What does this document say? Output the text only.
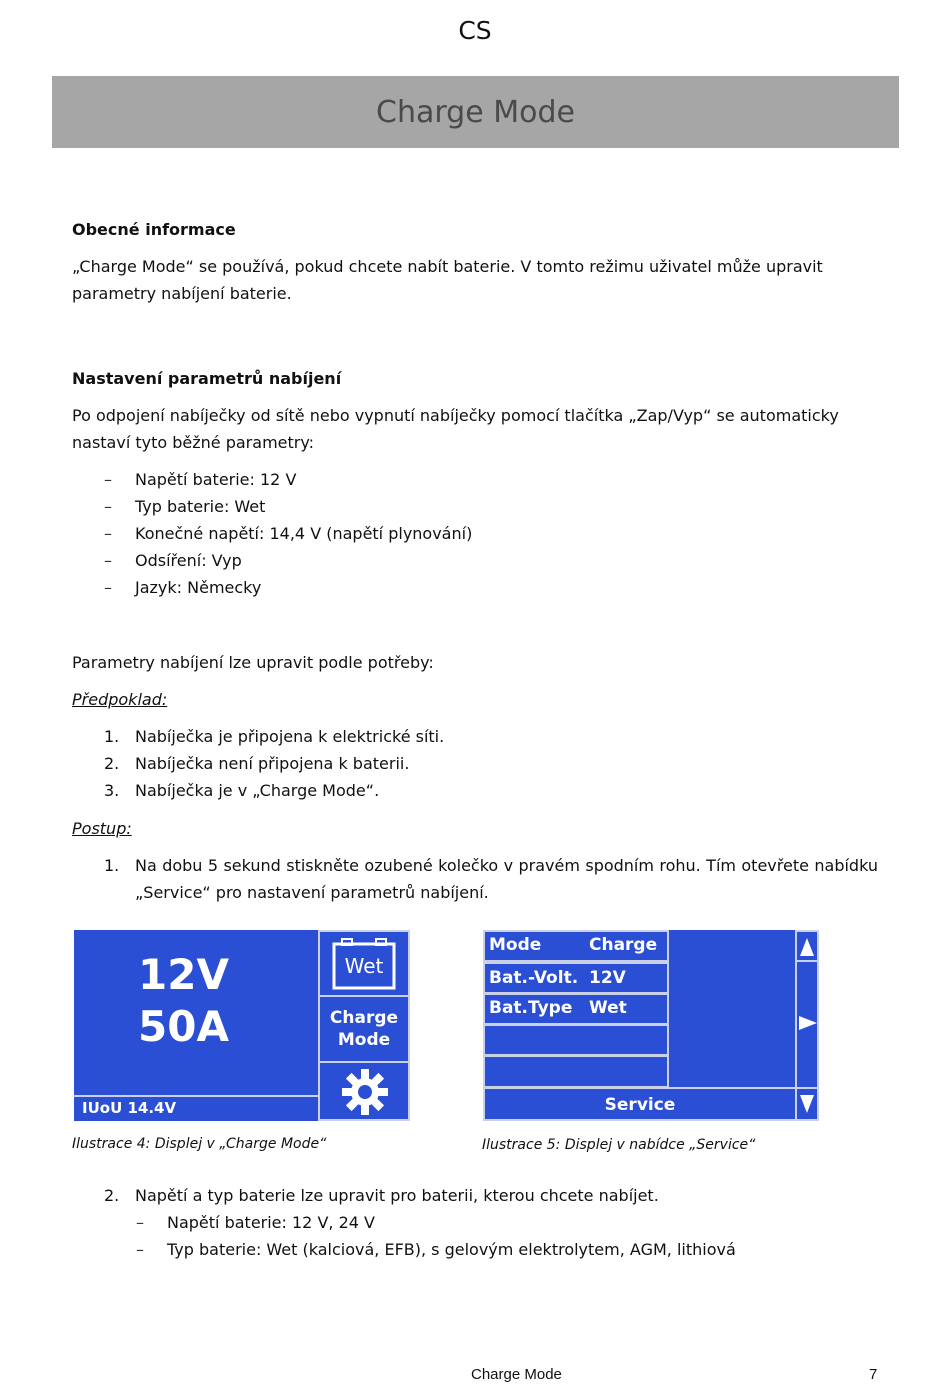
CS
Charge Mode
Obecné informace
„Charge Mode“ se používá, pokud chcete nabít baterie. V tomto režimu uživatel může upravit parametry nabíjení baterie.
Nastavení parametrů nabíjení
Po odpojení nabíječky od sítě nebo vypnutí nabíječky pomocí tlačítka „Zap/Vyp“ se automaticky nastaví tyto běžné parametry:
– Napětí baterie: 12 V
– Typ baterie: Wet
– Konečné napětí: 14,4 V (napětí plynování)
– Odsíření: Vyp
– Jazyk: Německy
Parametry nabíjení lze upravit podle potřeby:
Předpoklad:
1. Nabíječka je připojena k elektrické síti.
2. Nabíječka není připojena k baterii.
3. Nabíječka je v „Charge Mode“.
Postup:
1. Na dobu 5 sekund stiskněte ozubené kolečko v pravém spodním rohu. Tím otevřete nabídku „Service“ pro nastavení parametrů nabíjení.
12V
50A
IUoU 14.4V
Wet
Charge
Mode
Ilustrace 4: Displej v „Charge Mode“
Mode	Charge
Bat.-Volt. 12V
Bat.Type Wet
Service
Ilustrace 5: Displej v nabídce „Service“
2. Napětí a typ baterie lze upravit pro baterii, kterou chcete nabíjet.
– Napětí baterie: 12 V, 24 V
– Typ baterie: Wet (kalciová, EFB), s gelovým elektrolytem, AGM, lithiová
Charge Mode	7
